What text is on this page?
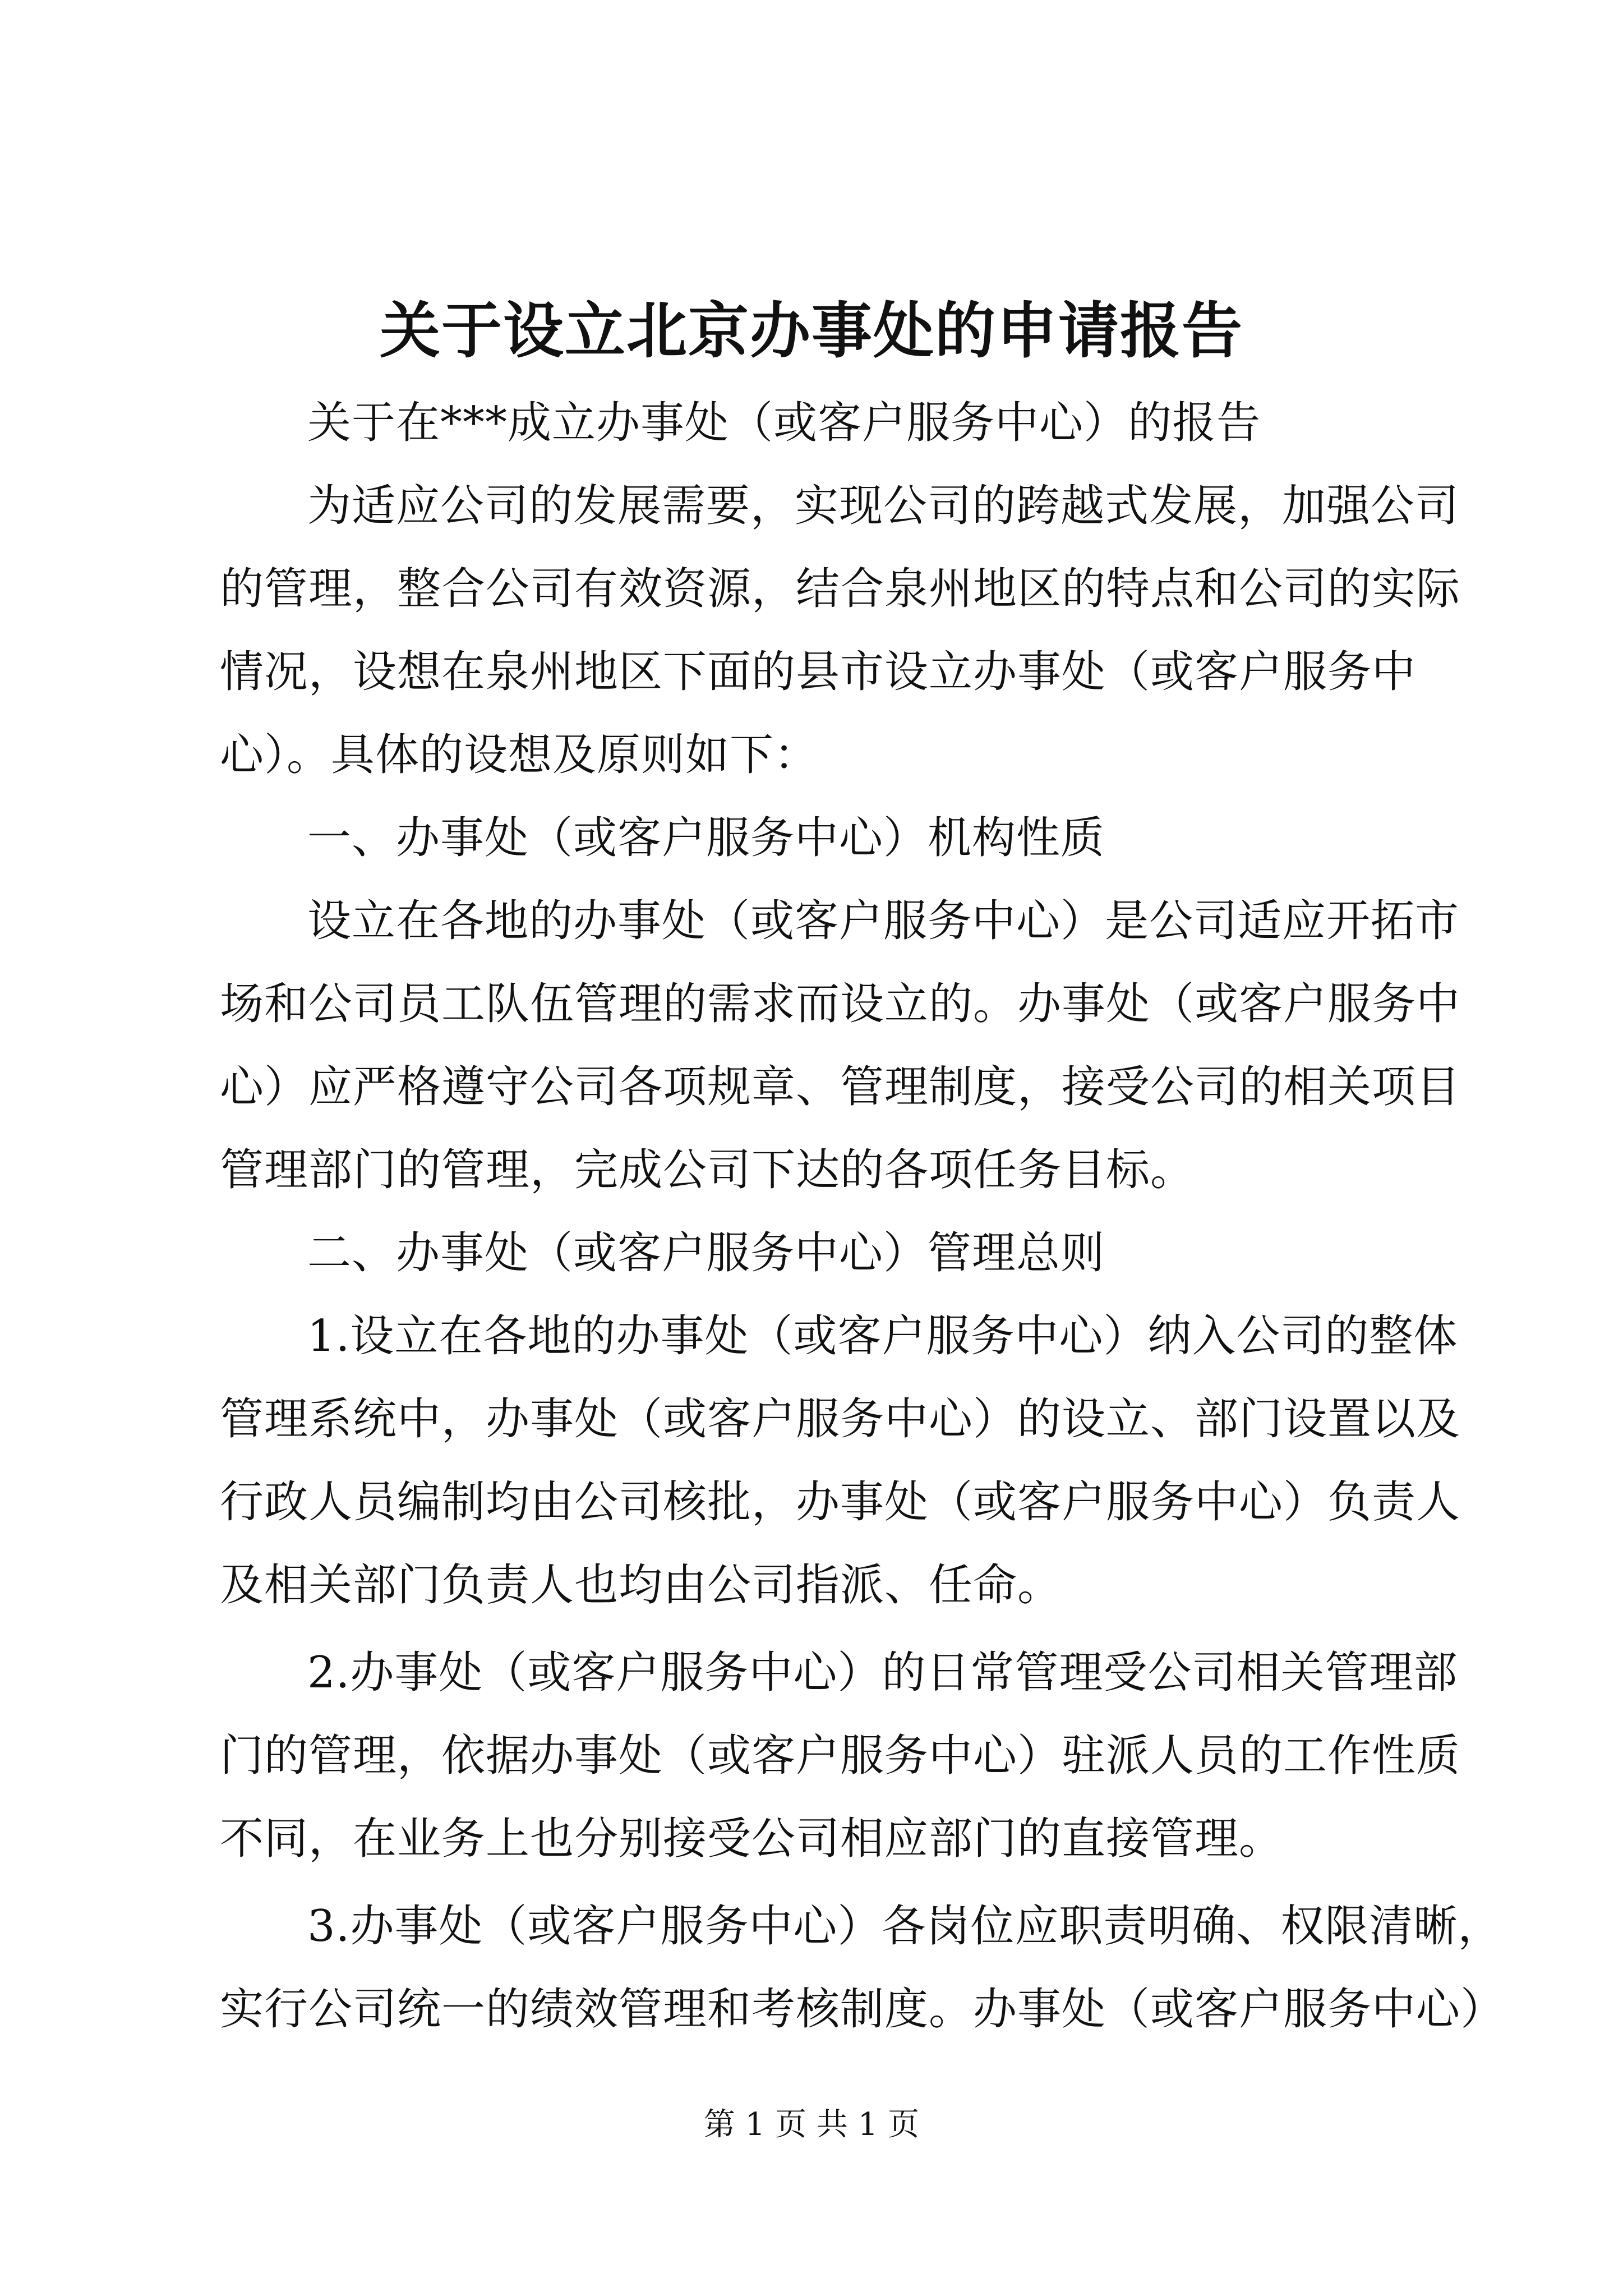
关于设立北京办事处的申请报告
关于在***成立办事处（或客户服务中心）的报告
为适应公司的发展需要，实现公司的跨越式发展，加强公司
的管理，整合公司有效资源，结合泉州地区的特点和公司的实际
情况，设想在泉州地区下面的县市设立办事处（或客户服务中
心）。具体的设想及原则如下：
一、办事处（或客户服务中心）机构性质
设立在各地的办事处（或客户服务中心）是公司适应开拓市
场和公司员工队伍管理的需求而设立的。办事处（或客户服务中
心）应严格遵守公司各项规章、管理制度，接受公司的相关项目
管理部门的管理，完成公司下达的各项任务目标。
二、办事处（或客户服务中心）管理总则
1.设立在各地的办事处（或客户服务中心）纳入公司的整体
管理系统中，办事处（或客户服务中心）的设立、部门设置以及
行政人员编制均由公司核批，办事处（或客户服务中心）负责人
及相关部门负责人也均由公司指派、任命。
2.办事处（或客户服务中心）的日常管理受公司相关管理部
门的管理，依据办事处（或客户服务中心）驻派人员的工作性质
不同，在业务上也分别接受公司相应部门的直接管理。
3.办事处（或客户服务中心）各岗位应职责明确、权限清晰，
实行公司统一的绩效管理和考核制度。办事处（或客户服务中心）
第 1 页 共 1 页
